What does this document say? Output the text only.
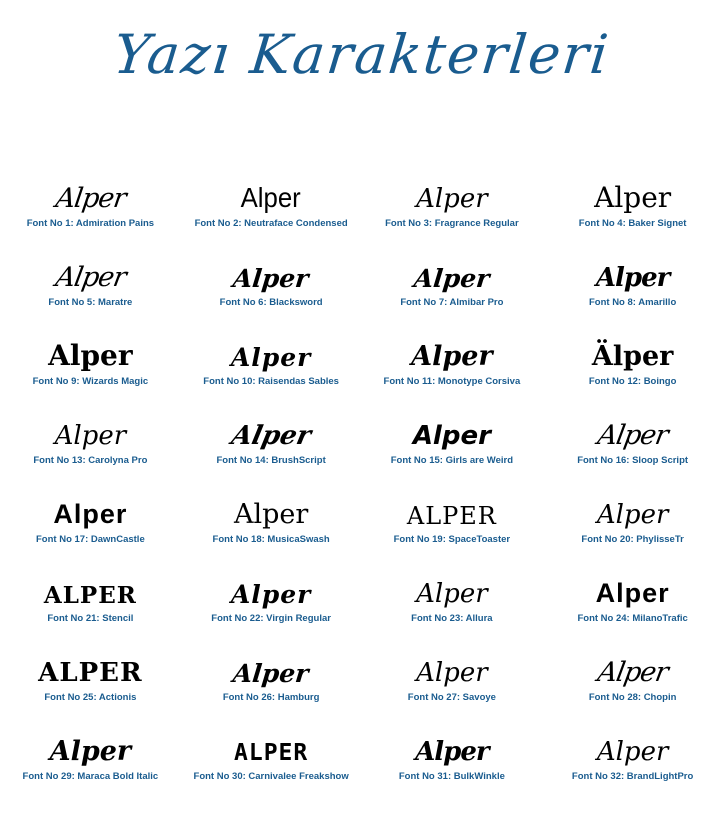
Yazı Karakterleri
Alper
Font No 1: Admiration Pains
Alper
Font No 2: Neutraface Condensed
Alper
Font No 3: Fragrance Regular
Alper
Font No 4: Baker Signet
Alper
Font No 5: Maratre
Alper
Font No 6: Blacksword
Alper
Font No 7: Almibar Pro
Alper
Font No 8: Amarillo
Alper
Font No 9: Wizards Magic
Alper
Font No 10: Raisendas Sables
Alper
Font No 11: Monotype Corsiva
Älper
Font No 12: Boingo
Alper
Font No 13: Carolyna Pro
Alper
Font No 14: BrushScript
Alper
Font No 15: Girls are Weird
Alper
Font No 16: Sloop Script
Alper
Font No 17: DawnCastle
Alper
Font No 18: MusicaSwash
ALPER
Font No 19: SpaceToaster
Alper
Font No 20: PhylisseTr
ALPER
Font No 21: Stencil
Alper
Font No 22: Virgin Regular
Alper
Font No 23: Allura
Alper
Font No 24: MilanoTrafic
ALPER
Font No 25: Actionis
Alper
Font No 26: Hamburg
Alper
Font No 27: Savoye
Alper
Font No 28: Chopin
Alper
Font No 29: Maraca Bold Italic
ALPER
Font No 30: Carnivalee Freakshow
Alper
Font No 31: BulkWinkle
Alper
Font No 32: BrandLightPro
